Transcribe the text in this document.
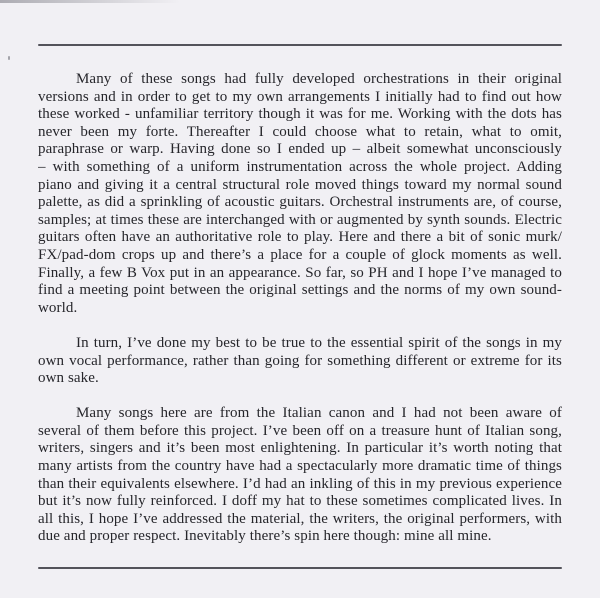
Many of these songs had fully developed orchestrations in their original
versions and in order to get to my own arrangements I initially had to find out how
these worked - unfamiliar territory though it was for me. Working with the dots has
never been my forte. Thereafter I could choose what to retain, what to omit,
paraphrase or warp. Having done so I ended up – albeit somewhat unconsciously
– with something of a uniform instrumentation across the whole project. Adding
piano and giving it a central structural role moved things toward my normal sound
palette, as did a sprinkling of acoustic guitars. Orchestral instruments are, of course,
samples; at times these are interchanged with or augmented by synth sounds. Electric
guitars often have an authoritative role to play. Here and there a bit of sonic murk/
FX/pad-dom crops up and there’s a place for a couple of glock moments as well.
Finally, a few B Vox put in an appearance. So far, so PH and I hope I’ve managed to
find a meeting point between the original settings and the norms of my own sound-
world.
In turn, I’ve done my best to be true to the essential spirit of the songs in my
own vocal performance, rather than going for something different or extreme for its
own sake.
Many songs here are from the Italian canon and I had not been aware of
several of them before this project. I’ve been off on a treasure hunt of Italian song,
writers, singers and it’s been most enlightening. In particular it’s worth noting that
many artists from the country have had a spectacularly more dramatic time of things
than their equivalents elsewhere. I’d had an inkling of this in my previous experience
but it’s now fully reinforced. I doff my hat to these sometimes complicated lives. In
all this, I hope I’ve addressed the material, the writers, the original performers, with
due and proper respect. Inevitably there’s spin here though: mine all mine.
